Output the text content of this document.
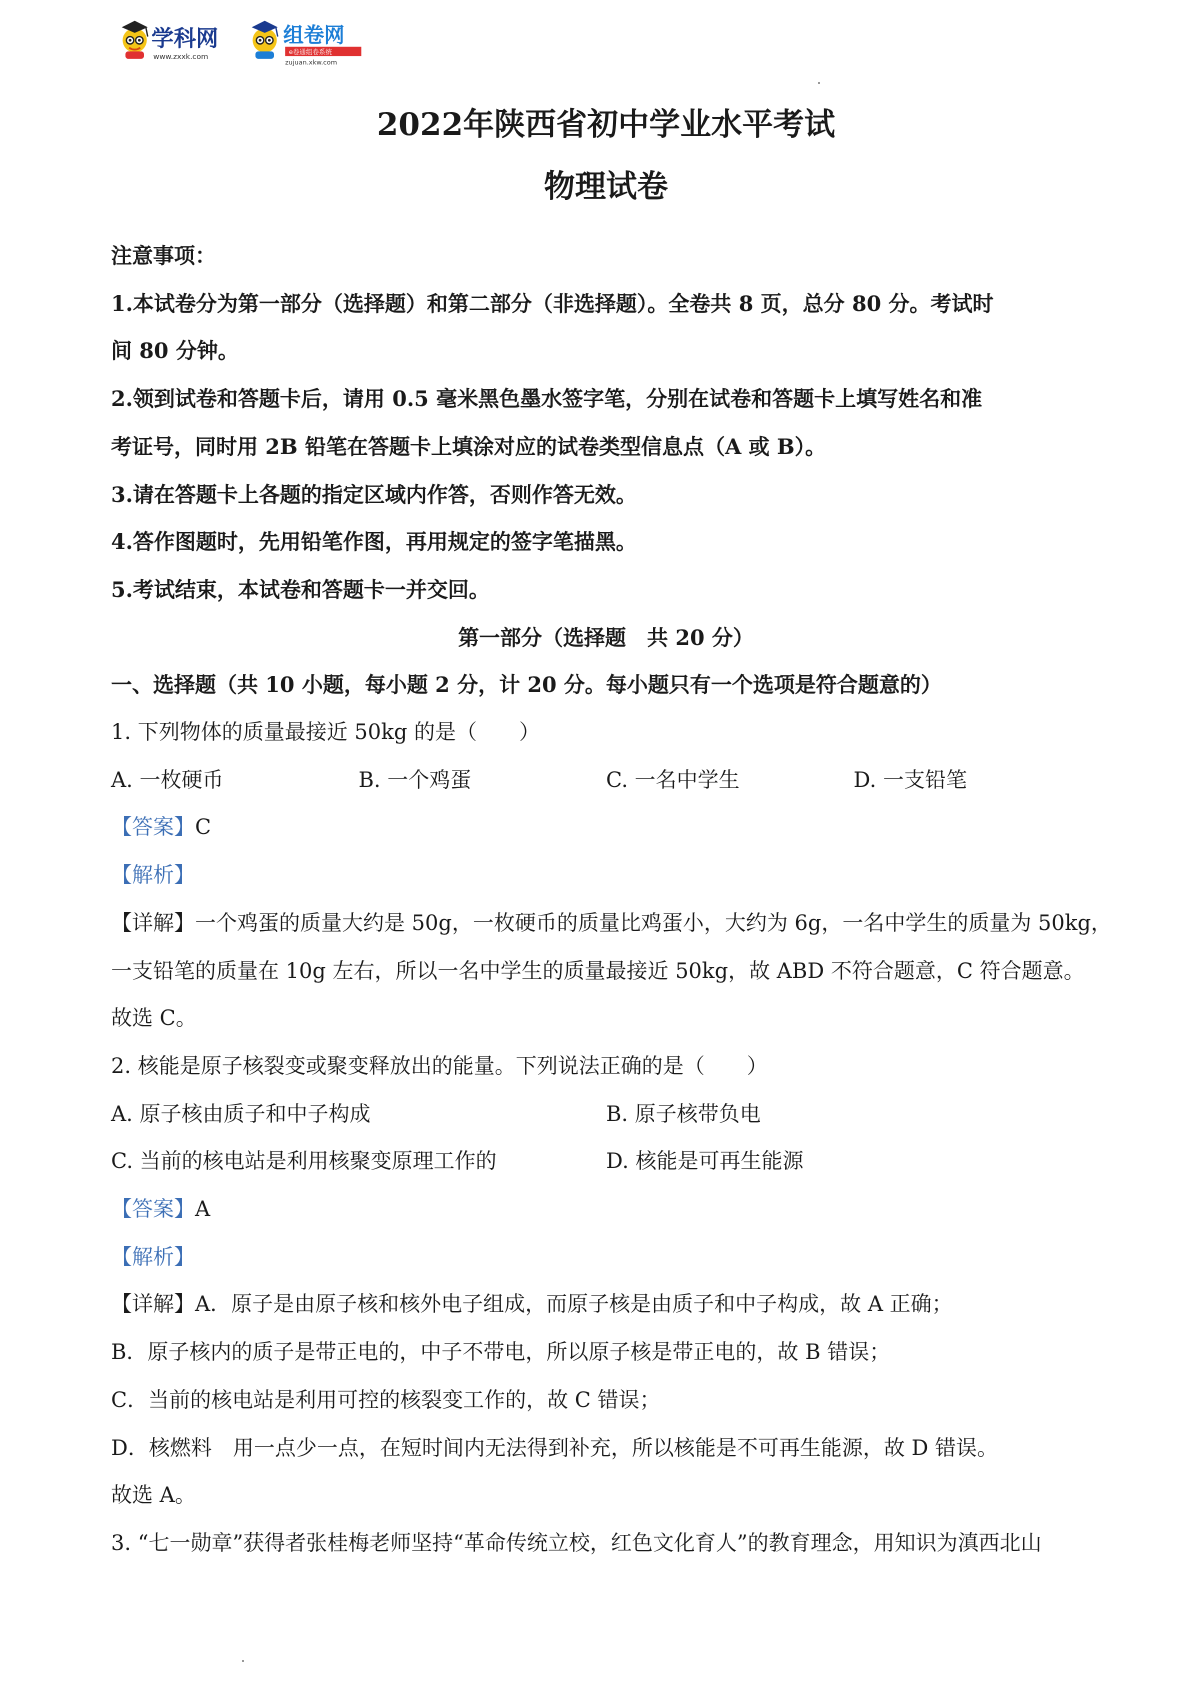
学科网
www.zxxk.com
组卷网
e卷通组卷系统
zujuan.xkw.com
2022年陕西省初中学业水平考试
物理试卷

注意事项：

1.本试卷分为第一部分（选择题）和第二部分（非选择题）。全卷共 8 页，总分 80 分。考试时

间 80 分钟。

2.领到试卷和答题卡后，请用 0.5 毫米黑色墨水签字笔，分别在试卷和答题卡上填写姓名和准

考证号，同时用 2B 铅笔在答题卡上填涂对应的试卷类型信息点（A 或 B）。

3.请在答题卡上各题的指定区域内作答，否则作答无效。

4.答作图题时，先用铅笔作图，再用规定的签字笔描黑。

5.考试结束，本试卷和答题卡一并交回。

第一部分（选择题　共 20 分）

一、选择题（共 10 小题，每小题 2 分，计 20 分。每小题只有一个选项是符合题意的）

1. 下列物体的质量最接近 50kg 的是（　　）

A. 一枚硬币	B. 一个鸡蛋	C. 一名中学生	D. 一支铅笔

【答案】C

【解析】

【详解】一个鸡蛋的质量大约是 50g，一枚硬币的质量比鸡蛋小，大约为 6g，一名中学生的质量为 50kg，

一支铅笔的质量在 10g 左右，所以一名中学生的质量最接近 50kg，故 ABD 不符合题意，C 符合题意。

故选 C。

2. 核能是原子核裂变或聚变释放出的能量。下列说法正确的是（　　）

A. 原子核由质子和中子构成	B. 原子核带负电
C. 当前的核电站是利用核聚变原理工作的	D. 核能是可再生能源

【答案】A

【解析】

【详解】A．原子是由原子核和核外电子组成，而原子核是由质子和中子构成，故 A 正确；

B．原子核内的质子是带正电的，中子不带电，所以原子核是带正电的，故 B 错误；

C．当前的核电站是利用可控的核裂变工作的，故 C 错误；

D．核燃料　用一点少一点，在短时间内无法得到补充，所以核能是不可再生能源，故 D 错误。

故选 A。

3. “七一勋章”获得者张桂梅老师坚持“革命传统立校，红色文化育人”的教育理念，用知识为滇西北山
